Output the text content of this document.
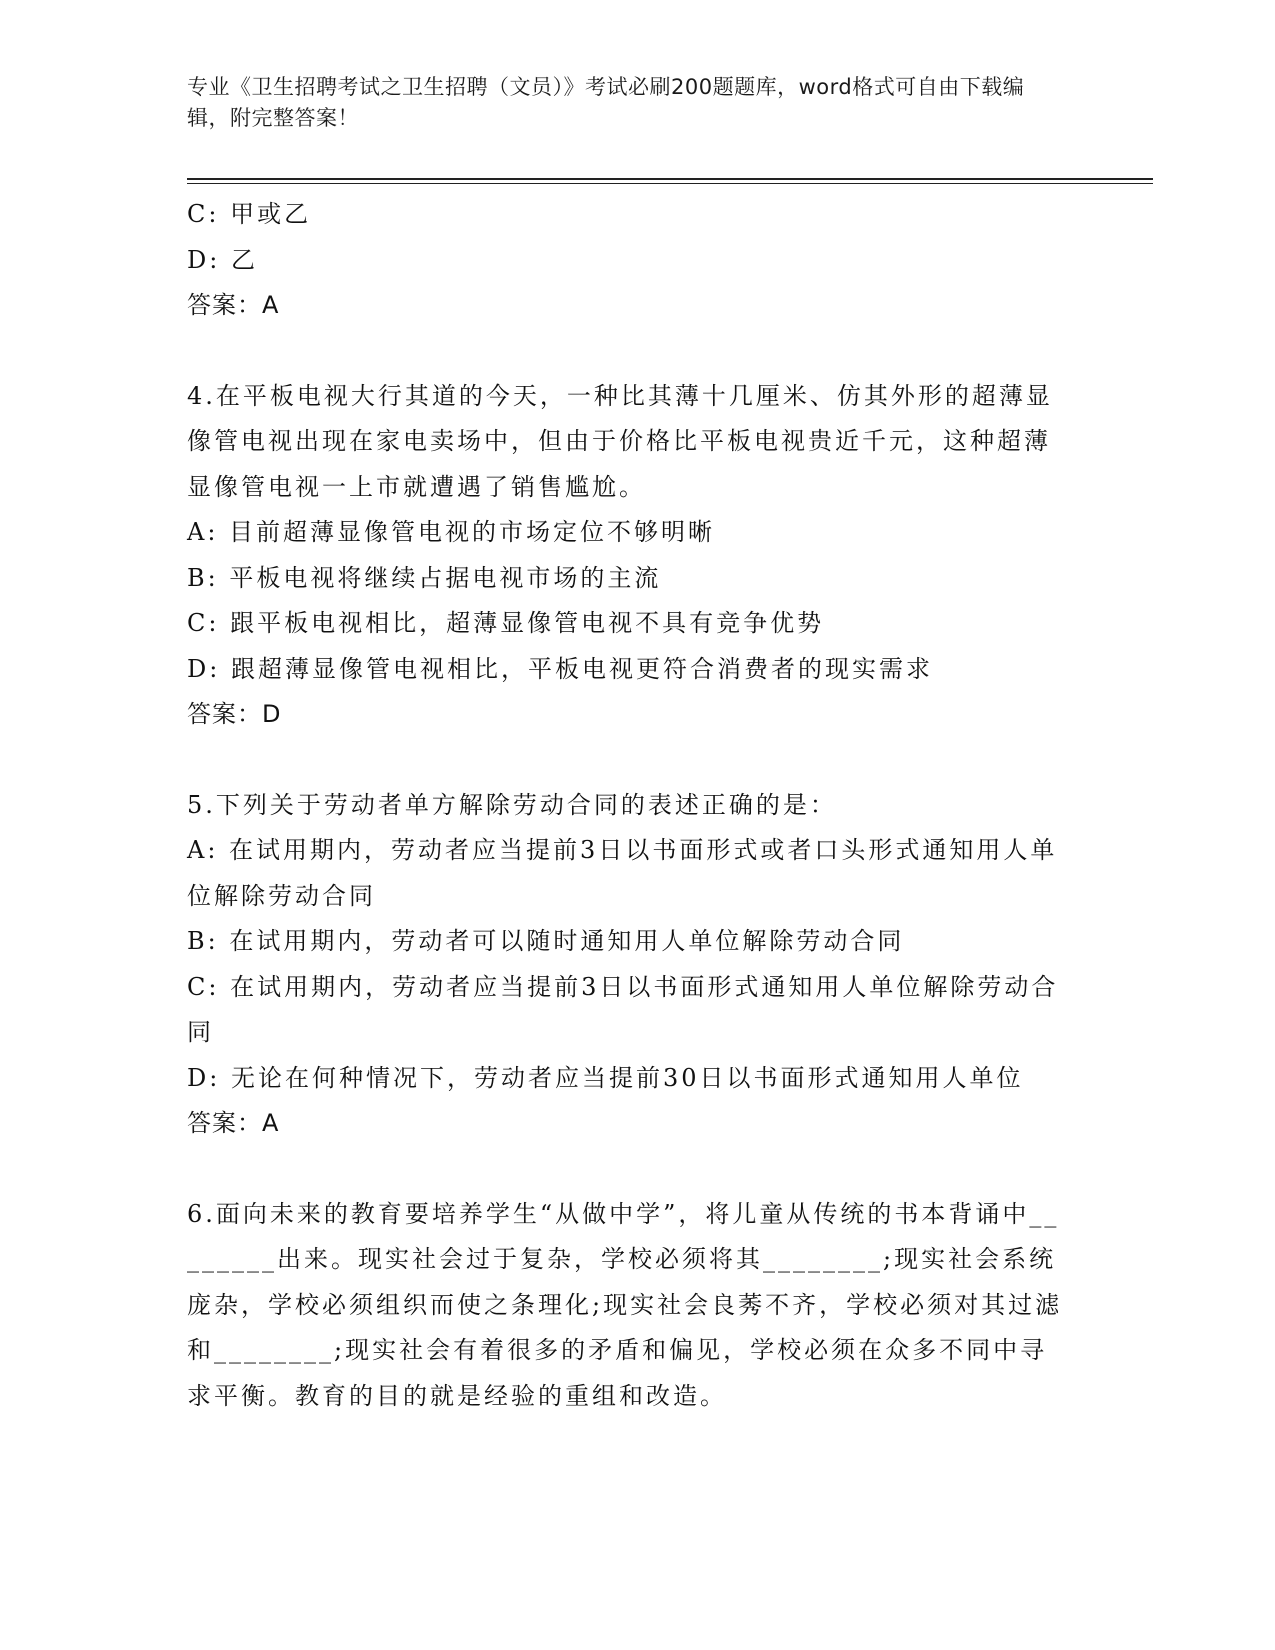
专业《卫生招聘考试之卫生招聘（文员）》考试必刷200题题库，word格式可自由下载编辑，附完整答案！
C: 甲或乙
D: 乙
答案：A
4.在平板电视大行其道的今天，一种比其薄十几厘米、仿其外形的超薄显像管电视出现在家电卖场中，但由于价格比平板电视贵近千元，这种超薄显像管电视一上市就遭遇了销售尴尬。
A: 目前超薄显像管电视的市场定位不够明晰
B: 平板电视将继续占据电视市场的主流
C: 跟平板电视相比，超薄显像管电视不具有竞争优势
D: 跟超薄显像管电视相比，平板电视更符合消费者的现实需求
答案：D
5.下列关于劳动者单方解除劳动合同的表述正确的是：
A: 在试用期内，劳动者应当提前3日以书面形式或者口头形式通知用人单位解除劳动合同
B: 在试用期内，劳动者可以随时通知用人单位解除劳动合同
C: 在试用期内，劳动者应当提前3日以书面形式通知用人单位解除劳动合同
D: 无论在何种情况下，劳动者应当提前30日以书面形式通知用人单位
答案：A
6.面向未来的教育要培养学生“从做中学”，将儿童从传统的书本背诵中________出来。现实社会过于复杂，学校必须将其________;现实社会系统庞杂，学校必须组织而使之条理化;现实社会良莠不齐，学校必须对其过滤和________;现实社会有着很多的矛盾和偏见，学校必须在众多不同中寻求平衡。教育的目的就是经验的重组和改造。
